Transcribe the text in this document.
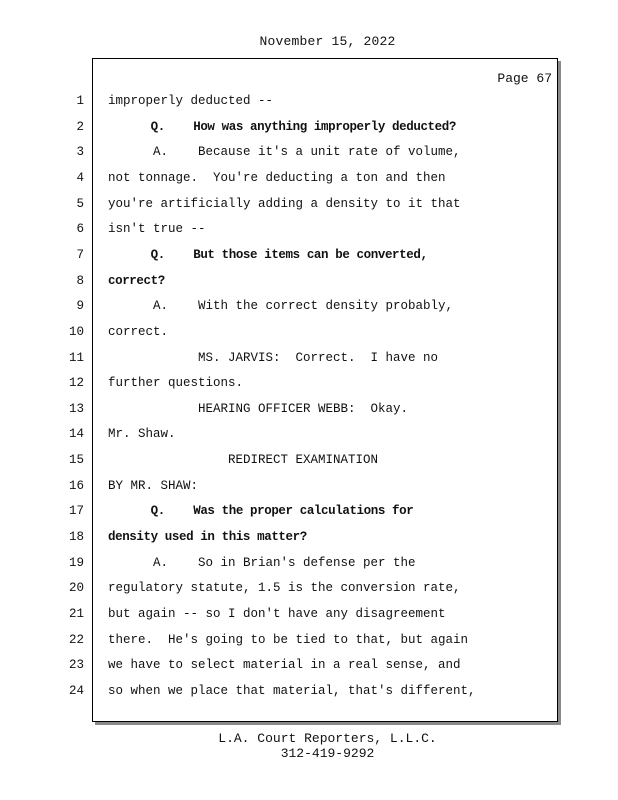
November 15, 2022
Page 67
1 improperly deducted --
2 Q.    How was anything improperly deducted?
3 A.    Because it's a unit rate of volume,
4 not tonnage.  You're deducting a ton and then
5 you're artificially adding a density to it that
6 isn't true --
7 Q.    But those items can be converted,
8 correct?
9 A.    With the correct density probably,
10 correct.
11 MS. JARVIS:  Correct.  I have no
12 further questions.
13 HEARING OFFICER WEBB:  Okay.
14 Mr. Shaw.
15 REDIRECT EXAMINATION
16 BY MR. SHAW:
17 Q.    Was the proper calculations for
18 density used in this matter?
19 A.    So in Brian's defense per the
20 regulatory statute, 1.5 is the conversion rate,
21 but again -- so I don't have any disagreement
22 there.  He's going to be tied to that, but again
23 we have to select material in a real sense, and
24 so when we place that material, that's different,
L.A. Court Reporters, L.L.C.
312-419-9292
